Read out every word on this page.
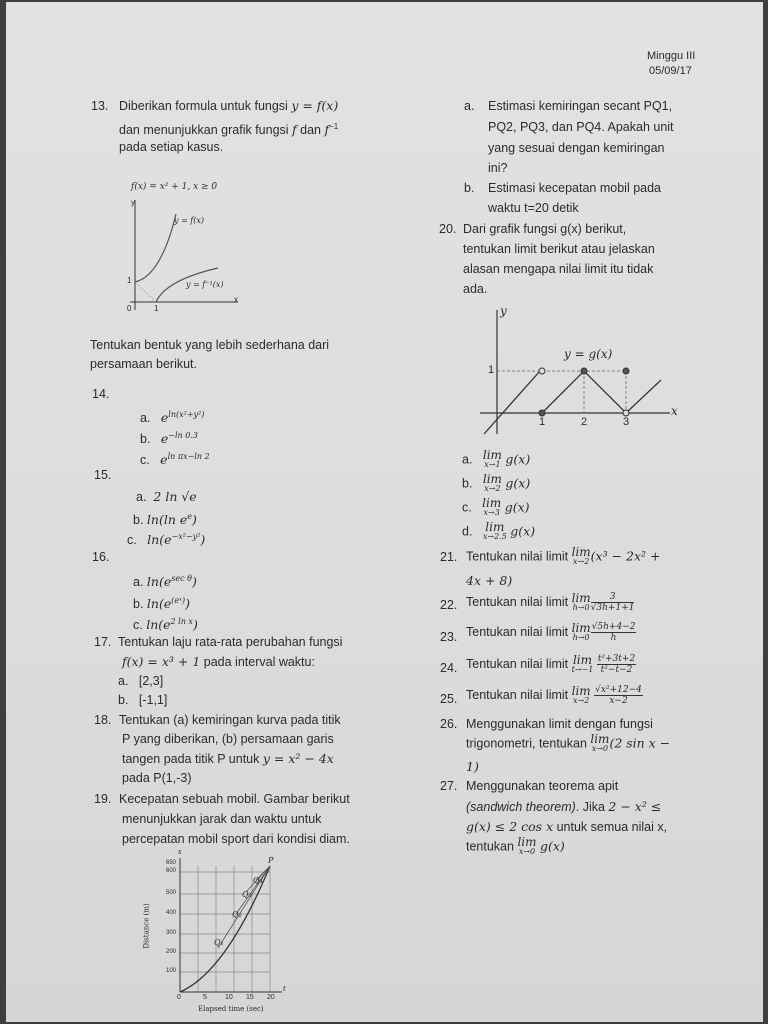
Minggu III
05/09/17
13. Diberikan formula untuk fungsi y = f(x)
dan menunjukkan grafik fungsi f dan $f^{-1}$
pada setiap kasus.
f(x) = x² + 1, x ≥ 0
y
x
y = f(x)
y = f⁻¹(x)
1
0	1
Tentukan bentuk yang lebih sederhana dari
persamaan berikut.
14.
a. $e^{ln(x^2+y^2)}$
b. $e^{-ln 0.3}$
c. $e^{ln \pi x-ln 2}$
15.
a. 2 ln √e
b. ln(ln $e^e$)
c. $\ln(e^{-x^2-y^2})$
16.
a. $\ln(e^{sec \theta})$
b. $\ln(e^{(eˣ)})$
c. $\ln(e^{2 ln x})$
17. Tentukan laju rata-rata perubahan fungsi
f(x) = x³ + 1 pada interval waktu:
a. [2,3]
b. [-1,1]
18. Tentukan (a) kemiringan kurva pada titik
P yang diberikan, (b) persamaan garis
tangen pada titik P untuk y = x² − 4x
pada P(1,-3)
19. Kecepatan sebuah mobil. Gambar berikut
menunjukkan jarak dan waktu untuk
percepatan mobil sport dari kondisi diam.
650
600
500
400
300
200
100
0	5	10 15 20
Elapsed time (sec)
Distance (m)
P
Q₁
Q₂
Q₃
Q₄
s
t
a. Estimasi kemiringan secant PQ1,
PQ2, PQ3, dan PQ4. Apakah unit
yang sesuai dengan kemiringan
ini?
b. Estimasi kecepatan mobil pada
waktu t=20 detik
20. Dari grafik fungsi g(x) berikut,
tentukan limit berikut atau jelaskan
alasan mengapa nilai limit itu tidak
ada.
y
x
y = g(x)
1
1	2	3
a. lim
x→1 g(x)
b. lim
x→2 g(x)
c. lim
x→3 g(x)
d. lim
x→2.5 g(x)
21. Tentukan nilai limit lim
x→2 (x³ − 2x² +
4x + 8)
22. Tentukan nilai limit lim
$h\to 0 \frac{3}{√3h+1+1}$
23. Tentukan nilai limit lim
$h\to 0 \frac{√5h+4-2}{h}$
24. Tentukan nilai limit lim
t→−1
$\frac{\text{t²+3t+2}}{\text{t²−t−2}}$
25. Tentukan nilai limit lim
x→2
$\frac{\text{√x²+12−4}}{x-2}$
26. Menggunakan limit dengan fungsi
trigonometri, tentukan lim
x→0 (2 sin x −
1)
27. Menggunakan teorema apit
(sandwich theorem). Jika 2 − x² ≤
g(x) ≤ 2 cos x untuk semua nilai x,
tentukan lim
x→0 g(x)
